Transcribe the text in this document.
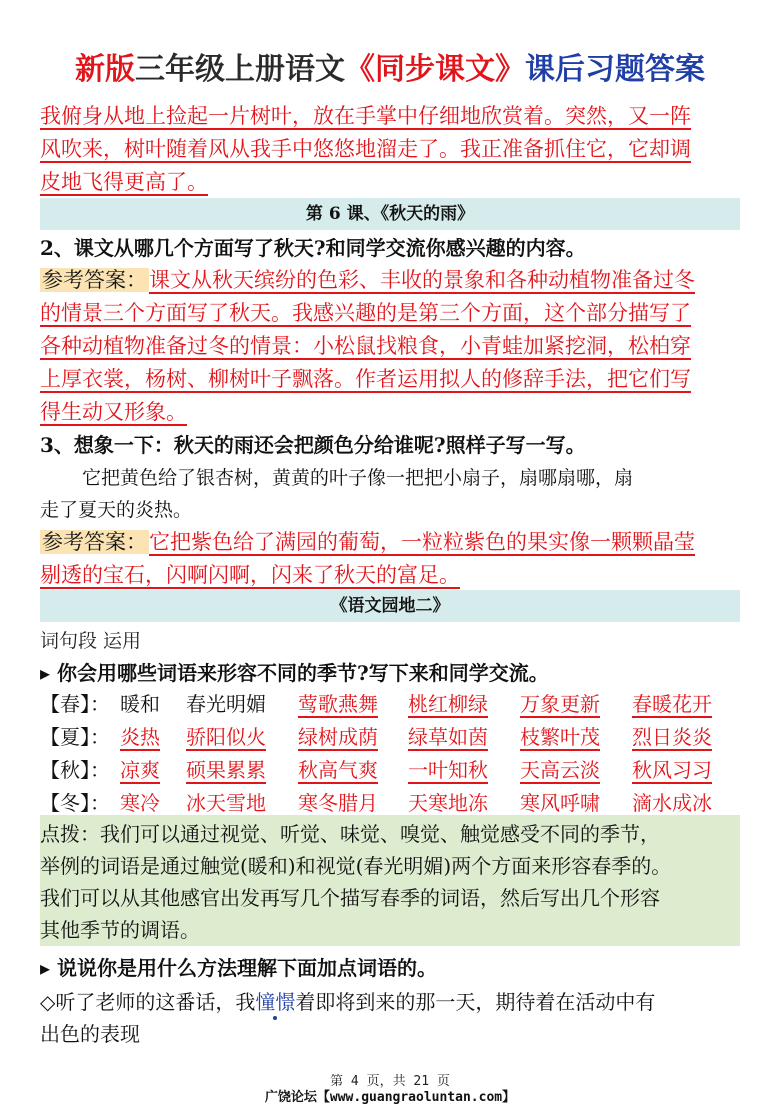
新版三年级上册语文《同步课文》课后习题答案
我俯身从地上捡起一片树叶，放在手掌中仔细地欣赏着。突然，又一阵
风吹来，树叶随着风从我手中悠悠地溜走了。我正准备抓住它，它却调
皮地飞得更高了。
第 6 课、《秋天的雨》
2、课文从哪几个方面写了秋天?和同学交流你感兴趣的内容。
参考答案：课文从秋天缤纷的色彩、丰收的景象和各种动植物准备过冬
的情景三个方面写了秋天。我感兴趣的是第三个方面，这个部分描写了
各种动植物准备过冬的情景：小松鼠找粮食，小青蛙加紧挖洞，松柏穿
上厚衣裳，杨树、柳树叶子飘落。作者运用拟人的修辞手法，把它们写
得生动又形象。
3、想象一下：秋天的雨还会把颜色分给谁呢?照样子写一写。
它把黄色给了银杏树，黄黄的叶子像一把把小扇子，扇哪扇哪，扇
走了夏天的炎热。
参考答案：它把紫色给了满园的葡萄，一粒粒紫色的果实像一颗颗晶莹
剔透的宝石，闪啊闪啊，闪来了秋天的富足。
《语文园地二》
词句段 运用
▸ 你会用哪些词语来形容不同的季节?写下来和同学交流。
【春】： 暖和 春光明媚 莺歌燕舞 桃红柳绿 万象更新 春暖花开
【夏】： 炎热 骄阳似火 绿树成荫 绿草如茵 枝繁叶茂 烈日炎炎
【秋】： 凉爽 硕果累累 秋高气爽 一叶知秋 天高云淡 秋风习习
【冬】： 寒冷 冰天雪地 寒冬腊月 天寒地冻 寒风呼啸 滴水成冰
点拨：我们可以通过视觉、听觉、味觉、嗅觉、触觉感受不同的季节，
举例的词语是通过触觉(暖和)和视觉(春光明媚)两个方面来形容春季的。
我们可以从其他感官出发再写几个描写春季的词语，然后写出几个形容
其他季节的调语。
▸ 说说你是用什么方法理解下面加点词语的。
◇听了老师的这番话，我憧憬着即将到来的那一天，期待着在活动中有
出色的表现
第 4 页，共 21 页
广饶论坛【www.guangraoluntan.com】
